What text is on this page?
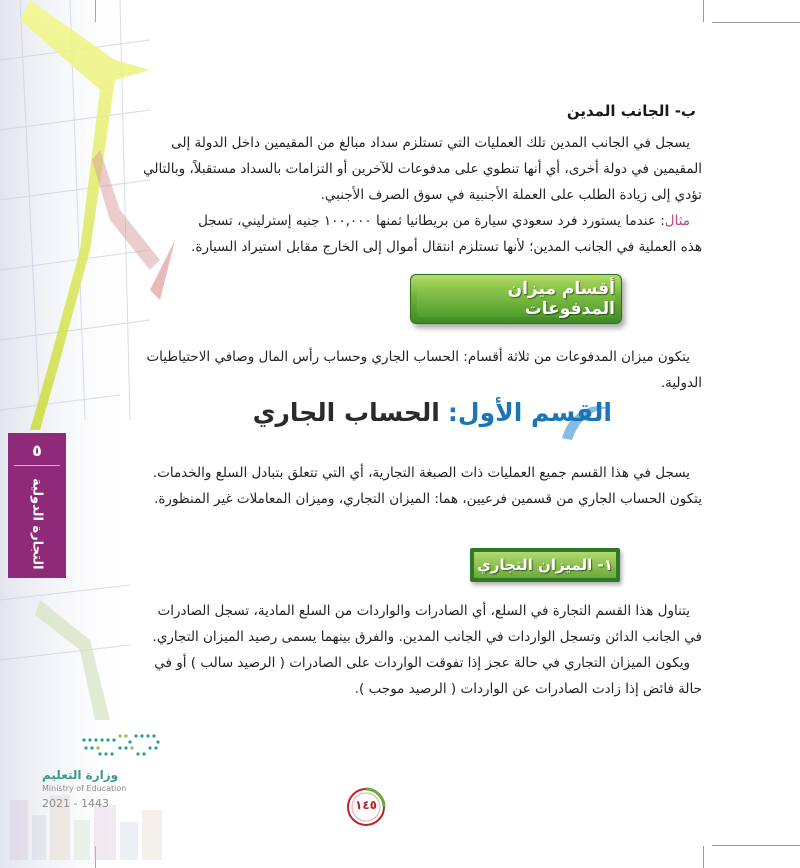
ب- الجانب المدين
يسجل في الجانب المدين تلك العمليات التي تستلزم سداد مبالغ من المقيمين داخل الدولة إلى
المقيمين في دولة أخرى، أي أنها تنطوي على مدفوعات للآخرين أو التزامات بالسداد مستقبلاً، وبالتالي
تؤدي إلى زيادة الطلب على العملة الأجنبية في سوق الصرف الأجنبي.
مثال: عندما يستورد فرد سعودي سيارة من بريطانيا ثمنها ١٠٠,٠٠٠ جنيه إسترليني، تسجل
هذه العملية في الجانب المدين؛ لأنها تستلزم انتقال أموال إلى الخارج مقابل استيراد السيارة.
أقسام ميزان المدفوعات
يتكون ميزان المدفوعات من ثلاثة أقسام: الحساب الجاري وحساب رأس المال وصافي الاحتياطيات
الدولية.
القسم الأول:
الحساب الجاري
يسجل في هذا القسم جميع العمليات ذات الصبغة التجارية، أي التي تتعلق بتبادل السلع والخدمات.
يتكون الحساب الجاري من قسمين فرعيين، هما: الميزان التجاري، وميزان المعاملات غير المنظورة.
١- الميزان التجاري
يتناول هذا القسم التجارة في السلع، أي الصادرات والواردات من السلع المادية، تسجل الصادرات
في الجانب الدائن وتسجل الواردات في الجانب المدين. والفرق بينهما يسمى رصيد الميزان التجاري.
ويكون الميزان التجاري في حالة عجز إذا تفوقت الواردات على الصادرات ( الرصيد سالب ) أو في
حالة فائض إذا زادت الصادرات عن الواردات ( الرصيد موجب ).
٥
التجارة الدولية
وزارة التعليم
Ministry of Education
2021 - 1443	١٤٥
